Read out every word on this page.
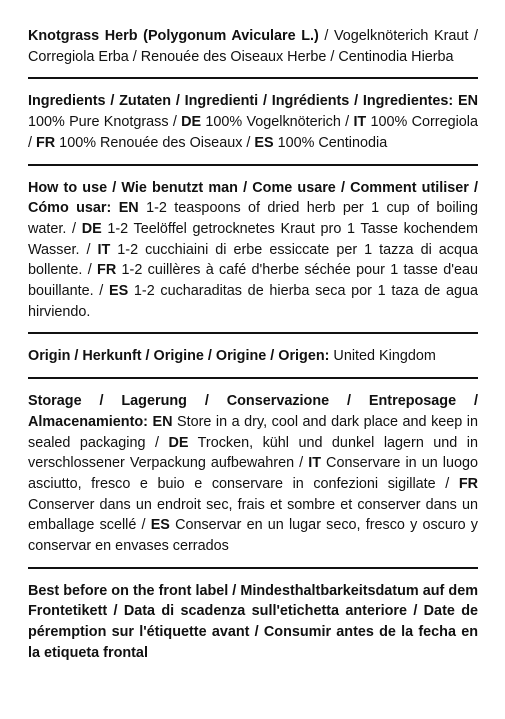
Knotgrass Herb (Polygonum Aviculare L.) / Vogelknöterich Kraut / Corregiola Erba / Renouée des Oiseaux Herbe / Centinodia Hierba
Ingredients / Zutaten / Ingredienti / Ingrédients / Ingredientes: EN 100% Pure Knotgrass / DE 100% Vogelknöterich / IT 100% Corregiola / FR 100% Renouée des Oiseaux / ES 100% Centinodia
How to use / Wie benutzt man / Come usare / Comment utiliser / Cómo usar: EN 1-2 teaspoons of dried herb per 1 cup of boiling water. / DE 1-2 Teelöffel getrocknetes Kraut pro 1 Tasse kochendem Wasser. / IT 1-2 cucchiaini di erbe essiccate per 1 tazza di acqua bollente. / FR 1-2 cuillères à café d'herbe séchée pour 1 tasse d'eau bouillante. / ES 1-2 cucharaditas de hierba seca por 1 taza de agua hirviendo.
Origin / Herkunft / Origine / Origine / Origen: United Kingdom
Storage / Lagerung / Conservazione / Entreposage / Almacenamiento: EN Store in a dry, cool and dark place and keep in sealed packaging / DE Trocken, kühl und dunkel lagern und in verschlossener Verpackung aufbewahren / IT Conservare in un luogo asciutto, fresco e buio e conservare in confezioni sigillate / FR Conserver dans un endroit sec, frais et sombre et conserver dans un emballage scellé / ES Conservar en un lugar seco, fresco y oscuro y conservar en envases cerrados
Best before on the front label / Mindesthaltbarkeitsdatum auf dem Frontetikett / Data di scadenza sull'etichetta anteriore / Date de péremption sur l'étiquette avant / Consumir antes de la fecha en la etiqueta frontal
